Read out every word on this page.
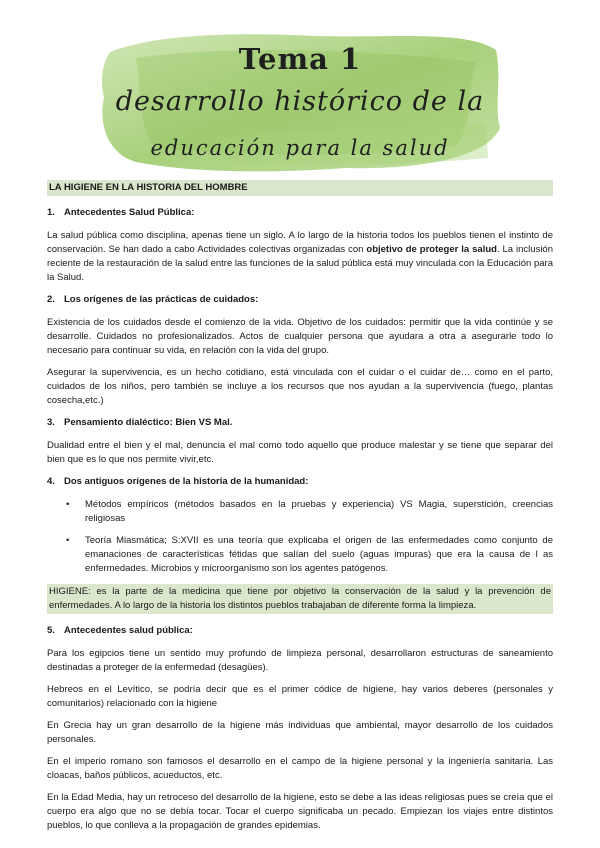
Tema 1
desarrollo histórico de la
educación para la salud
LA HIGIENE EN LA HISTORIA DEL HOMBRE
1. Antecedentes Salud Pública:

La salud pública como disciplina, apenas tiene un siglo. A lo largo de la historia todos los pueblos tienen el instinto de conservación. Se han dado a cabo Actividades colectivas organizadas con objetivo de proteger la salud. La inclusión reciente de la restauración de la salud entre las funciones de la salud pública está muy vinculada con la Educación para la Salud.

2. Los orígenes de las prácticas de cuidados:

Existencia de los cuidados desde el comienzo de la vida. Objetivo de los cuidados: permitir que la vida continúe y se desarrolle. Cuidados no profesionalizados. Actos de cualquier persona que ayudara a otra a asegurarle todo lo necesario para continuar su vida, en relación con la vida del grupo.

Asegurar la supervivencia, es un hecho cotidiano, está vinculada con el cuidar o el cuidar de… como en el parto, cuidados de los niños, pero también se incluye a los recursos que nos ayudan a la supervivencia (fuego, plantas cosecha,etc.)

3. Pensamiento dialéctico: Bien VS Mal.

Dualidad entre el bien y el mal, denuncia el mal como todo aquello que produce malestar y se tiene que separar del bien que es lo que nos permite vivir,etc.

4. Dos antiguos orígenes de la historia de la humanidad:
• Métodos empíricos (métodos basados en la pruebas y experiencia) VS Magia, superstición, creencias religiosas
• Teoría Miasmática; S:XVII es una teoría que explicaba el origen de las enfermedades como conjunto de emanaciones de características fétidas que salían del suelo (aguas impuras) que era la causa de l as enfermedades. Microbios y microorganismo son los agentes patógenos.
HIGIENE: es la parte de la medicina que tiene por objetivo la conservación de la salud y la prevención de enfermedades. A lo largo de la historia los distintos pueblos trabajaban de diferente forma la limpieza.
5. Antecedentes salud pública:

Para los egipcios tiene un sentido muy profundo de limpieza personal, desarrollaron estructuras de saneamiento destinadas a proteger de la enfermedad (desagües).

Hebreos en el Levítico, se podría decir que es el primer códice de higiene, hay varios deberes (personales y comunitarios) relacionado con la higiene

En Grecia hay un gran desarrollo de la higiene más individuas que ambiental, mayor desarrollo de los cuidados personales.

En el imperio romano son famosos el desarrollo en el campo de la higiene personal y la ingeniería sanitaria. Las cloacas, baños públicos, acueductos, etc.

En la Edad Media, hay un retroceso del desarrollo de la higiene, esto se debe a las ideas religiosas pues se creía que el cuerpo era algo que no se debía tocar. Tocar el cuerpo significaba un pecado. Empiezan los viajes entre distintos pueblos, lo que conlleva a la propagación de grandes epidemias.
